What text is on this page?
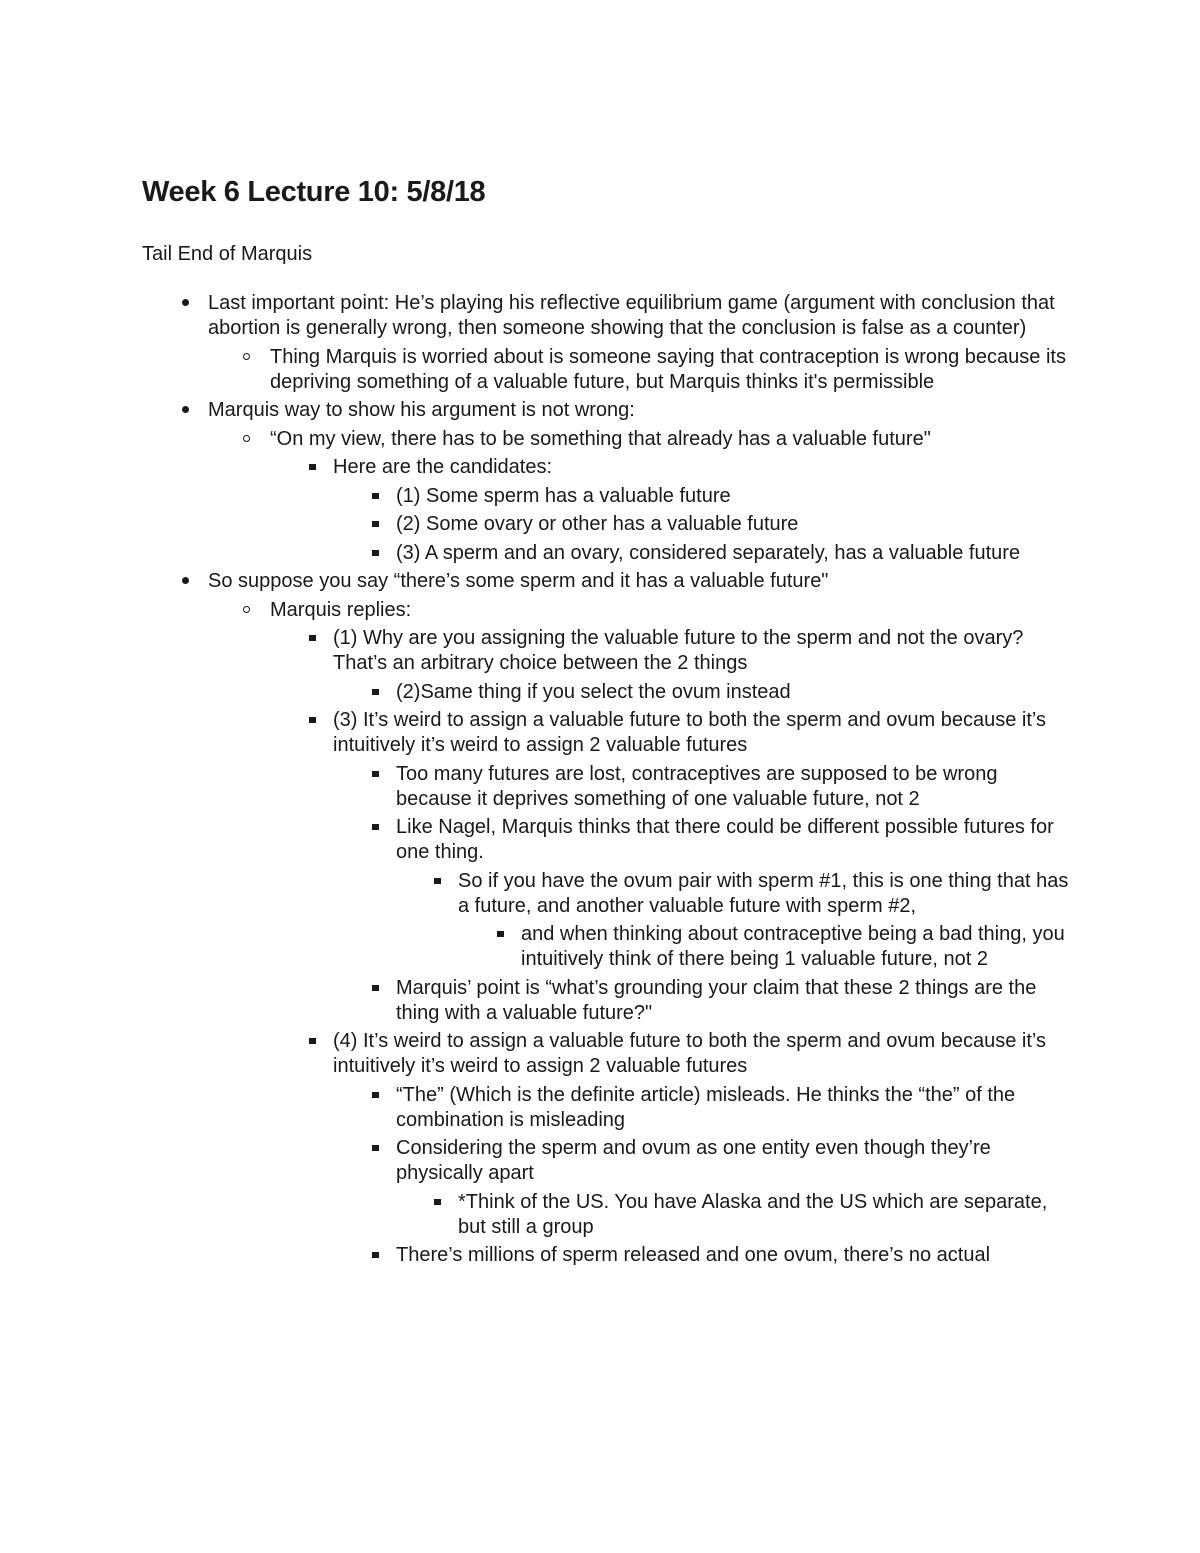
Week 6 Lecture 10: 5/8/18

Tail End of Marquis

Last important point: He’s playing his reflective equilibrium game (argument with conclusion that abortion is generally wrong, then someone showing that the conclusion is false as a counter)
Thing Marquis is worried about is someone saying that contraception is wrong because its depriving something of a valuable future, but Marquis thinks it's permissible
Marquis way to show his argument is not wrong:
“On my view, there has to be something that already has a valuable future"
Here are the candidates:
(1) Some sperm has a valuable future
(2) Some ovary or other has a valuable future
(3) A sperm and an ovary, considered separately, has a valuable future
So suppose you say “there’s some sperm and it has a valuable future"
Marquis replies:
(1) Why are you assigning the valuable future to the sperm and not the ovary? That’s an arbitrary choice between the 2 things
(2)Same thing if you select the ovum instead
(3) It’s weird to assign a valuable future to both the sperm and ovum because it’s intuitively it’s weird to assign 2 valuable futures
Too many futures are lost, contraceptives are supposed to be wrong because it deprives something of one valuable future, not 2
Like Nagel, Marquis thinks that there could be different possible futures for one thing.
So if you have the ovum pair with sperm #1, this is one thing that has a future, and another valuable future with sperm #2,
and when thinking about contraceptive being a bad thing, you intuitively think of there being 1 valuable future, not 2
Marquis’ point is “what’s grounding your claim that these 2 things are the thing with a valuable future?"
(4) It’s weird to assign a valuable future to both the sperm and ovum because it’s intuitively it’s weird to assign 2 valuable futures
“The” (Which is the definite article) misleads. He thinks the “the” of the combination is misleading
Considering the sperm and ovum as one entity even though they’re physically apart
*Think of the US. You have Alaska and the US which are separate, but still a group
There’s millions of sperm released and one ovum, there’s no actual
